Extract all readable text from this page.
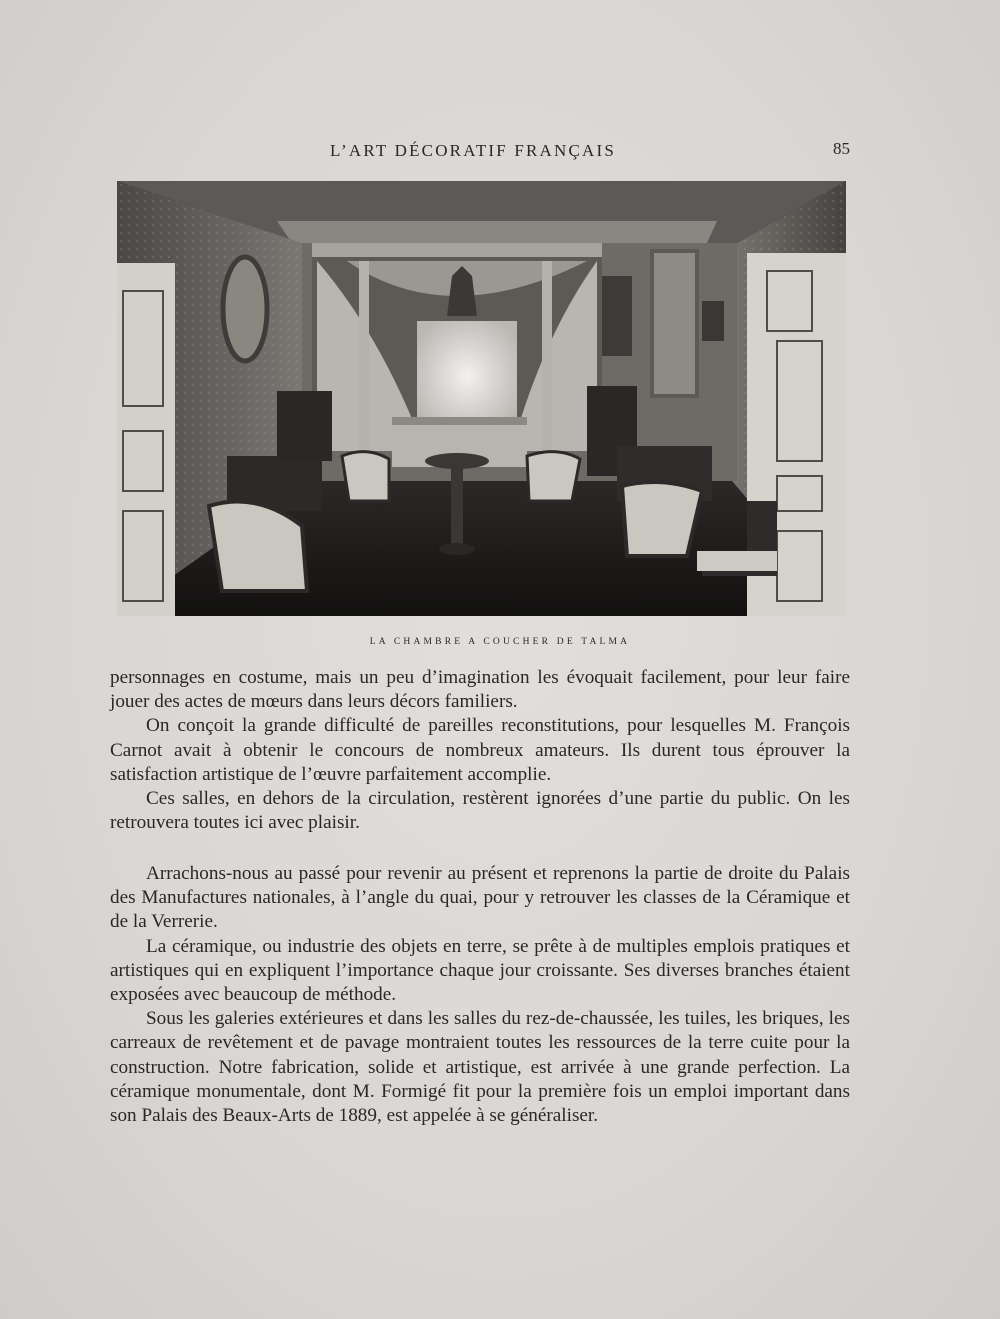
L’ART DÉCORATIF FRANÇAIS	85
LA CHAMBRE A COUCHER DE TALMA

personnages en costume, mais un peu d’imagination les évoquait facilement, pour leur faire jouer des actes de mœurs dans leurs décors familiers.

On conçoit la grande difficulté de pareilles reconstitutions, pour lesquelles M. François Carnot avait à obtenir le concours de nombreux amateurs. Ils durent tous éprouver la satisfaction artistique de l’œuvre parfaitement accomplie.

Ces salles, en dehors de la circulation, restèrent ignorées d’une partie du public. On les retrouvera toutes ici avec plaisir.

Arrachons-nous au passé pour revenir au présent et reprenons la partie de droite du Palais des Manufactures nationales, à l’angle du quai, pour y retrouver les classes de la Céramique et de la Verrerie.

La céramique, ou industrie des objets en terre, se prête à de multiples emplois pratiques et artistiques qui en expliquent l’importance chaque jour croissante. Ses diverses branches étaient exposées avec beaucoup de méthode.

Sous les galeries extérieures et dans les salles du rez-de-chaussée, les tuiles, les briques, les carreaux de revêtement et de pavage montraient toutes les ressources de la terre cuite pour la construction. Notre fabrication, solide et artistique, est arrivée à une grande perfection. La céramique monumentale, dont M. Formigé fit pour la première fois un emploi important dans son Palais des Beaux-Arts de 1889, est appelée à se généraliser.
